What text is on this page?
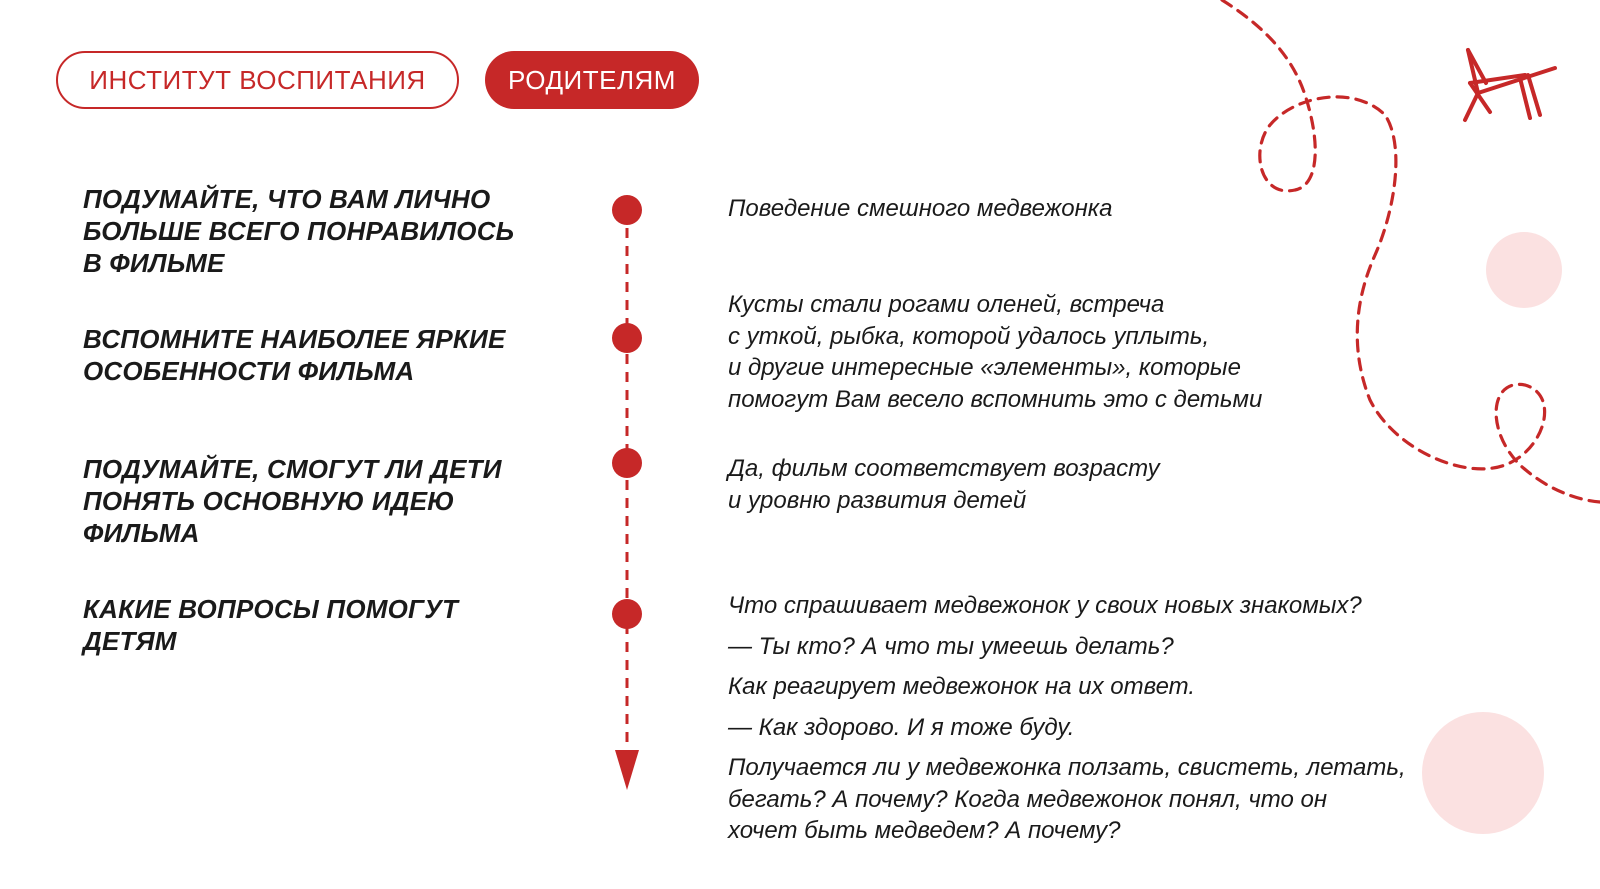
ИНСТИТУТ ВОСПИТАНИЯ	РОДИТЕЛЯМ
ПОДУМАЙТЕ, ЧТО ВАМ ЛИЧНО
БОЛЬШЕ ВСЕГО ПОНРАВИЛОСЬ
В ФИЛЬМЕ

Поведение смешного медвежонка

ВСПОМНИТЕ НАИБОЛЕЕ ЯРКИЕ
ОСОБЕННОСТИ ФИЛЬМА

Кусты стали рогами оленей, встреча

с уткой, рыбка, которой удалось уплыть,

и другие интересные «элементы», которые

помогут Вам весело вспомнить это с детьми

ПОДУМАЙТЕ, СМОГУТ ЛИ ДЕТИ
ПОНЯТЬ ОСНОВНУЮ ИДЕЮ
ФИЛЬМА

Да, фильм соответствует возрасту

и уровню развития детей

КАКИЕ ВОПРОСЫ ПОМОГУТ
ДЕТЯМ

Что спрашивает медвежонок у своих новых знакомых?

— Ты кто? А что ты умеешь делать?

Как реагирует медвежонок на их ответ.

— Как здорово. И я тоже буду.

Получается ли у медвежонка ползать, свистеть, летать,

бегать? А почему? Когда медвежонок понял, что он

хочет быть медведем? А почему?
